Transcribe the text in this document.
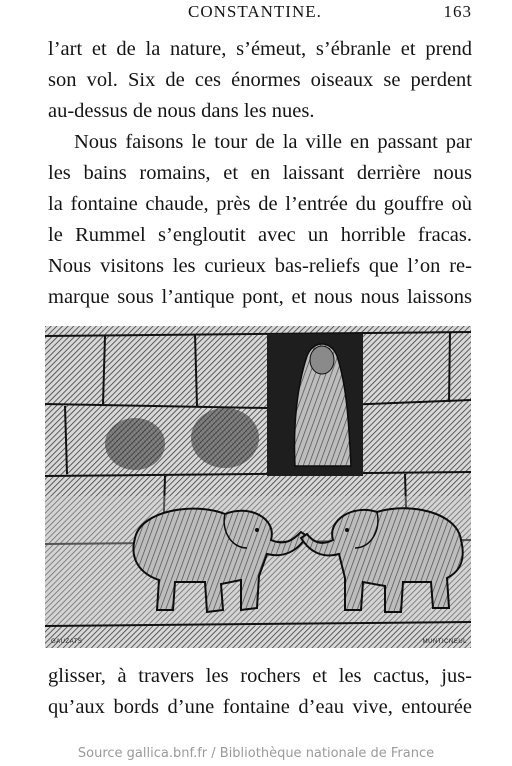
CONSTANTINE.	163
l’art et de la nature, s’émeut, s’ébranle et prend
son vol. Six de ces énormes oiseaux se perdent
au-dessus de nous dans les nues.
Nous faisons le tour de la ville en passant par
les bains romains, et en laissant derrière nous
la fontaine chaude, près de l’entrée du gouffre où
le Rummel s’engloutit avec un horrible fracas.
Nous visitons les curieux bas-reliefs que l’on re-
marque sous l’antique pont, et nous nous laissons
GAUZATS	MUNTICNEUL
glisser, à travers les rochers et les cactus, jus-
qu’aux bords d’une fontaine d’eau vive, entourée
Source gallica.bnf.fr / Bibliothèque nationale de France
